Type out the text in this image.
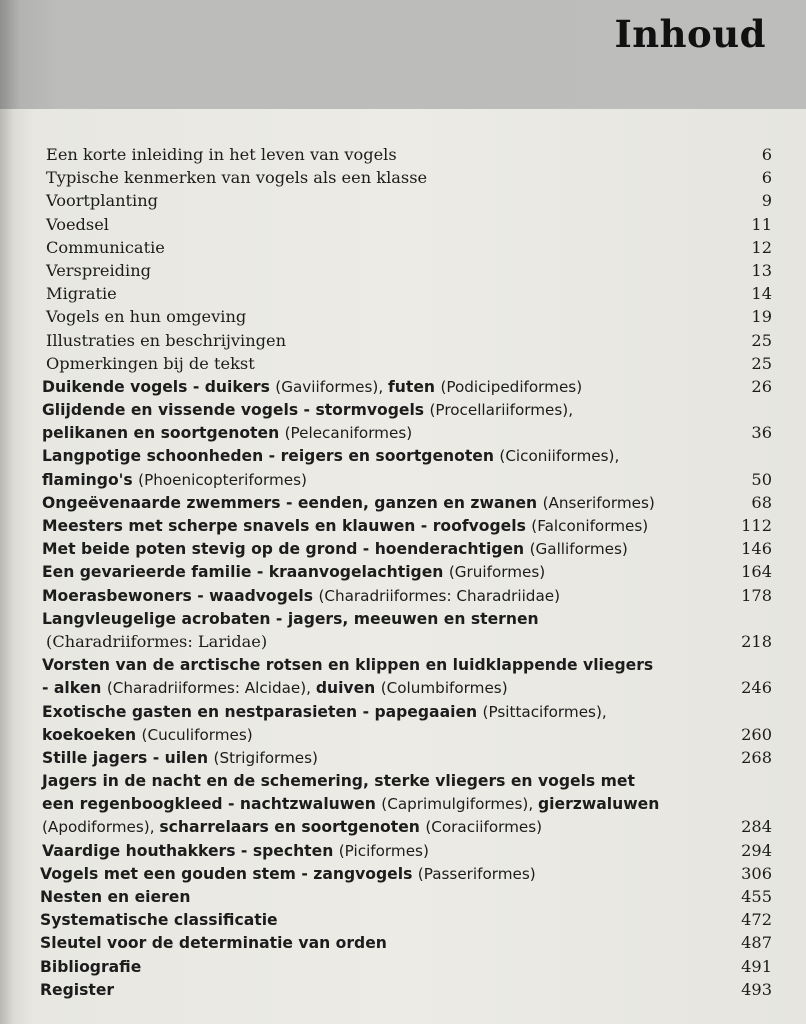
Inhoud
Een korte inleiding in het leven van vogels	6
Typische kenmerken van vogels als een klasse	6
Voortplanting	9
Voedsel	11
Communicatie	12
Verspreiding	13
Migratie	14
Vogels en hun omgeving	19
Illustraties en beschrijvingen	25
Opmerkingen bij de tekst	25
Duikende vogels - duikers (Gaviiformes), futen (Podicipediformes)	26
Glijdende en vissende vogels - stormvogels (Procellariiformes),
pelikanen en soortgenoten (Pelecaniformes)	36
Langpotige schoonheden - reigers en soortgenoten (Ciconiiformes),
flamingo's (Phoenicopteriformes)	50
Ongeëvenaarde zwemmers - eenden, ganzen en zwanen (Anseriformes)	68
Meesters met scherpe snavels en klauwen - roofvogels (Falconiformes)	112
Met beide poten stevig op de grond - hoenderachtigen (Galliformes)	146
Een gevarieerde familie - kraanvogelachtigen (Gruiformes)	164
Moerasbewoners - waadvogels (Charadriiformes: Charadriidae)	178
Langvleugelige acrobaten - jagers, meeuwen en sternen
(Charadriiformes: Laridae)	218
Vorsten van de arctische rotsen en klippen en luidklappende vliegers
- alken (Charadriiformes: Alcidae), duiven (Columbiformes)	246
Exotische gasten en nestparasieten - papegaaien (Psittaciformes),
koekoeken (Cuculiformes)	260
Stille jagers - uilen (Strigiformes)	268
Jagers in de nacht en de schemering, sterke vliegers en vogels met
een regenboogkleed - nachtzwaluwen (Caprimulgiformes), gierzwaluwen
(Apodiformes), scharrelaars en soortgenoten (Coraciiformes)	284
Vaardige houthakkers - spechten (Piciformes)	294
Vogels met een gouden stem - zangvogels (Passeriformes)	306
Nesten en eieren	455
Systematische classificatie	472
Sleutel voor de determinatie van orden	487
Bibliografie	491
Register	493
